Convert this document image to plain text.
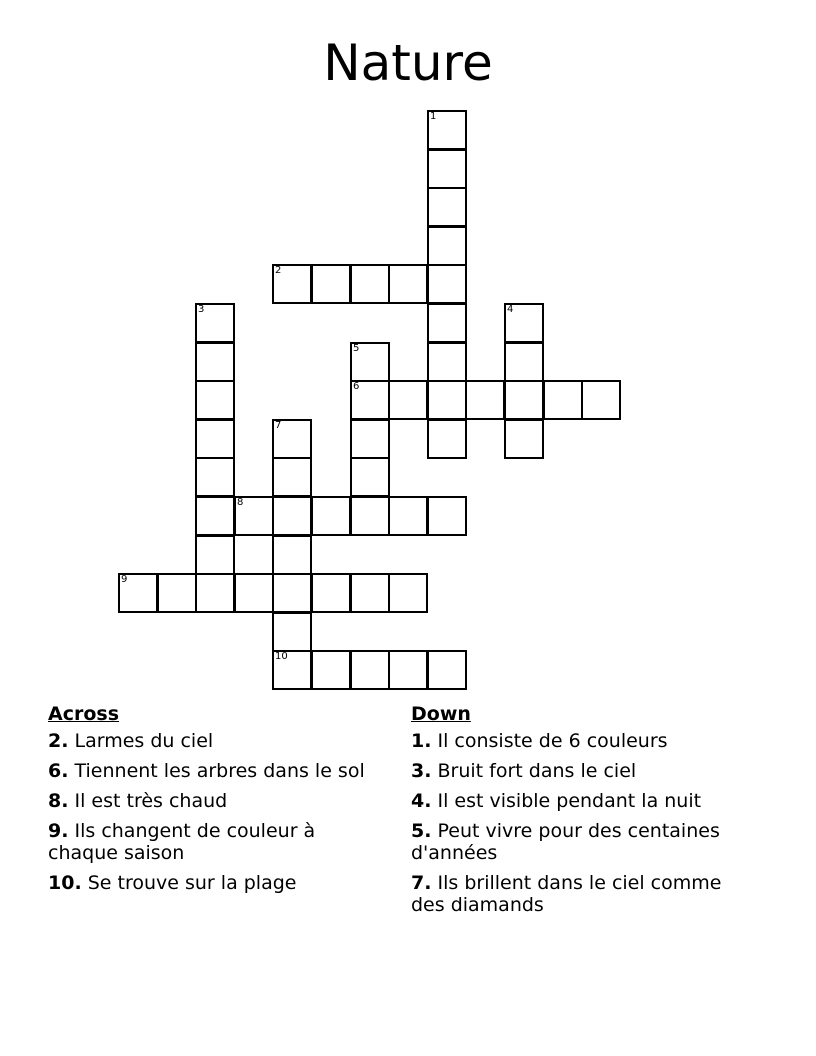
Nature
1
2
3	4
5
6
7
8
9
10
Across
2. Larmes du ciel
6. Tiennent les arbres dans le sol
8. Il est très chaud
9. Ils changent de couleur à chaque saison
10. Se trouve sur la plage
Down
1. Il consiste de 6 couleurs
3. Bruit fort dans le ciel
4. Il est visible pendant la nuit
5. Peut vivre pour des centaines d'années
7. Ils brillent dans le ciel comme des diamands
